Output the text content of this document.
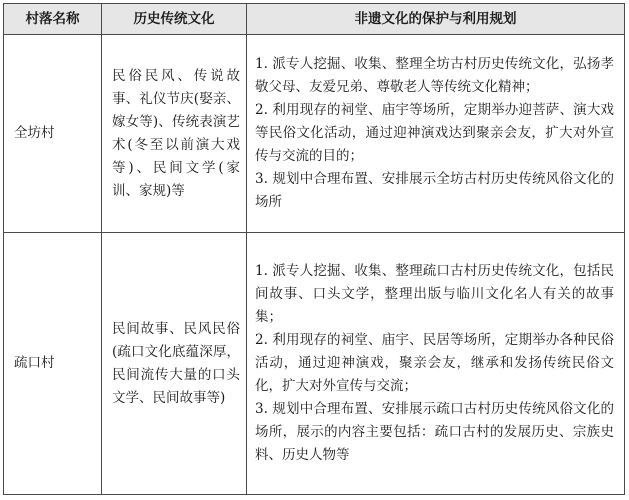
村落名称	历史传统文化	非遗文化的保护与利用规划
全坊村
民俗民风、传说故事、礼仪节庆(娶亲、嫁女等)、传统表演艺术(冬至以前演大戏等)、民间文学(家训、家规)等

1. 派专人挖掘、收集、整理全坊古村历史传统文化，弘扬孝敬父母、友爱兄弟、尊敬老人等传统文化精神；

2. 利用现存的祠堂、庙宇等场所，定期举办迎菩萨、演大戏等民俗文化活动，通过迎神演戏达到聚亲会友，扩大对外宣传与交流的目的；

3. 规划中合理布置、安排展示全坊古村历史传统风俗文化的场所

疏口村
民间故事、民风民俗(疏口文化底蕴深厚，民间流传大量的口头文学、民间故事等)

1. 派专人挖掘、收集、整理疏口古村历史传统文化，包括民间故事、口头文学，整理出版与临川文化名人有关的故事集；

2. 利用现存的祠堂、庙宇、民居等场所，定期举办各种民俗活动，通过迎神演戏，聚亲会友，继承和发扬传统民俗文化，扩大对外宣传与交流；

3. 规划中合理布置、安排展示疏口古村历史传统风俗文化的场所，展示的内容主要包括：疏口古村的发展历史、宗族史料、历史人物等
